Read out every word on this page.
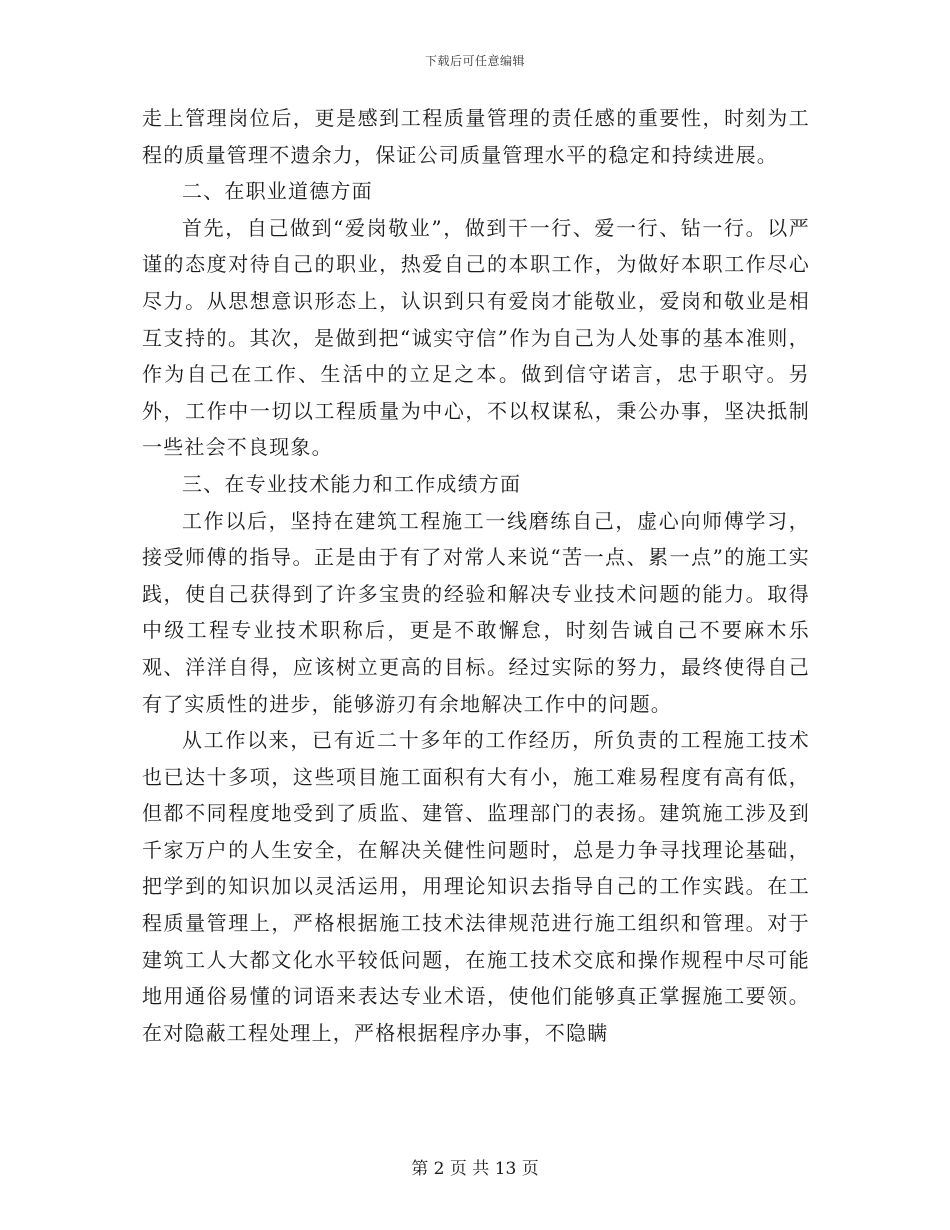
下载后可任意编辑

走上管理岗位后，更是感到工程质量管理的责任感的重要性，时刻为工程的质量管理不遗余力，保证公司质量管理水平的稳定和持续进展。

二、在职业道德方面

首先，自己做到“爱岗敬业”，做到干一行、爱一行、钻一行。以严谨的态度对待自己的职业，热爱自己的本职工作，为做好本职工作尽心尽力。从思想意识形态上，认识到只有爱岗才能敬业，爱岗和敬业是相互支持的。其次，是做到把“诚实守信”作为自己为人处事的基本准则，作为自己在工作、生活中的立足之本。做到信守诺言，忠于职守。另外，工作中一切以工程质量为中心，不以权谋私，秉公办事，坚决抵制一些社会不良现象。

三、在专业技术能力和工作成绩方面

工作以后，坚持在建筑工程施工一线磨练自己，虚心向师傅学习，接受师傅的指导。正是由于有了对常人来说“苦一点、累一点”的施工实践，使自己获得到了许多宝贵的经验和解决专业技术问题的能力。取得中级工程专业技术职称后，更是不敢懈怠，时刻告诫自己不要麻木乐观、洋洋自得，应该树立更高的目标。经过实际的努力，最终使得自己有了实质性的进步，能够游刃有余地解决工作中的问题。

从工作以来，已有近二十多年的工作经历，所负责的工程施工技术也已达十多项，这些项目施工面积有大有小，施工难易程度有高有低，但都不同程度地受到了质监、建管、监理部门的表扬。建筑施工涉及到千家万户的人生安全，在解决关健性问题时，总是力争寻找理论基础，把学到的知识加以灵活运用，用理论知识去指导自己的工作实践。在工程质量管理上，严格根据施工技术法律规范进行施工组织和管理。对于建筑工人大都文化水平较低问题，在施工技术交底和操作规程中尽可能地用通俗易懂的词语来表达专业术语，使他们能够真正掌握施工要领。在对隐蔽工程处理上，严格根据程序办事，不隐瞒

第 2 页 共 13 页
